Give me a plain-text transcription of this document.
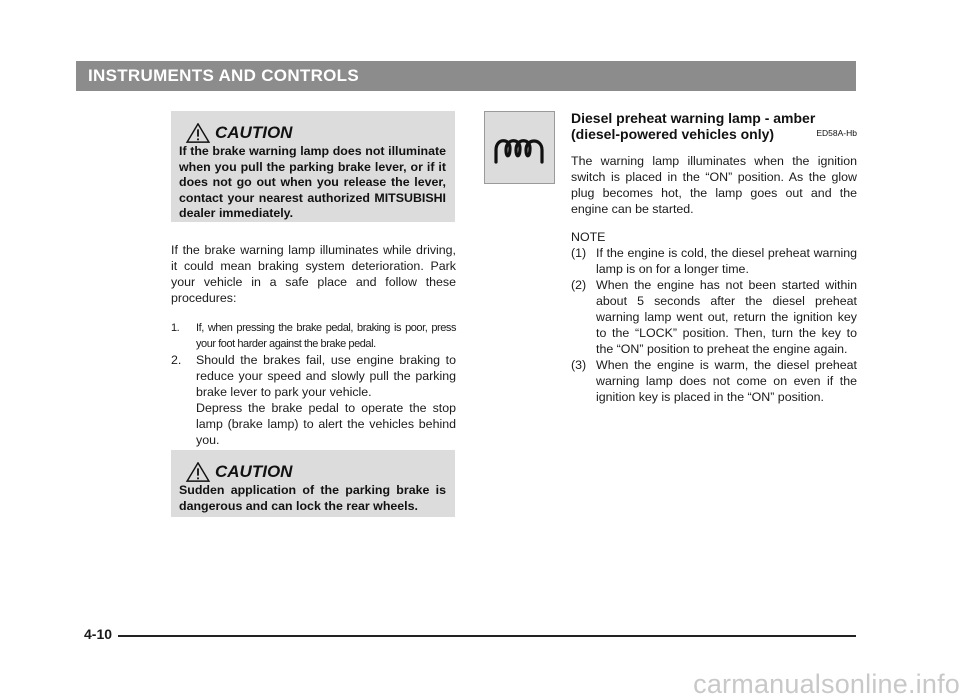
INSTRUMENTS AND CONTROLS
CAUTION
If the brake warning lamp does not illuminate when you pull the parking brake lever, or if it does not go out when you release the lever, contact your nearest authorized MITSUBISHI dealer immediately.

If the brake warning lamp illuminates while driving, it could mean braking system deterioration. Park your vehicle in a safe place and follow these procedures:

1. If, when pressing the brake pedal, braking is poor, press your foot harder against the brake pedal.
2. Should the brakes fail, use engine braking to reduce your speed and slowly pull the parking brake lever to park your vehicle.
Depress the brake pedal to operate the stop lamp (brake lamp) to alert the vehicles behind you.
CAUTION
Sudden application of the parking brake is dangerous and can lock the rear wheels.
Diesel preheat warning lamp - amber
(diesel-powered vehicles only)	ED58A-Hb

The warning lamp illuminates when the ignition switch is placed in the “ON” position. As the glow plug becomes hot, the lamp goes out and the engine can be started.

NOTE
(1) If the engine is cold, the diesel preheat warning lamp is on for a longer time.
(2) When the engine has not been started within about 5 seconds after the diesel preheat warning lamp went out, return the ignition key to the “LOCK” position. Then, turn the key to the “ON” position to preheat the engine again.
(3) When the engine is warm, the diesel preheat warning lamp does not come on even if the ignition key is placed in the “ON” position.
4-10
carmanualsonline.info
